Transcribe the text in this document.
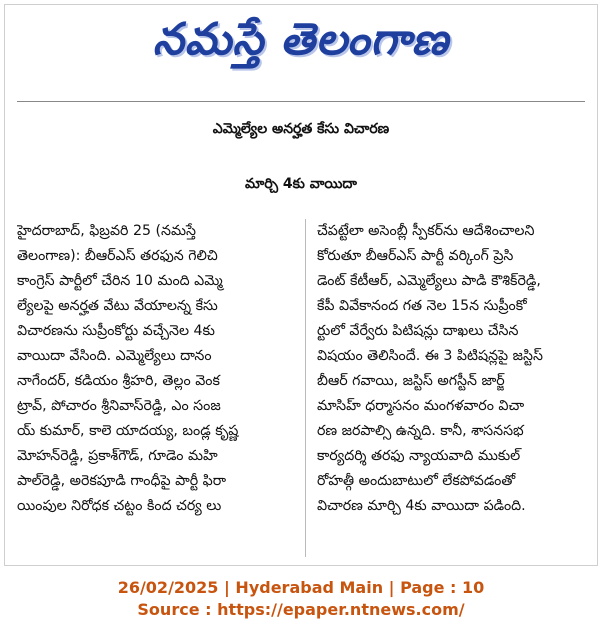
నమస్తే తెలంగాణ
ఎమ్మెల్యేల అనర్హత కేసు విచారణ
మార్చి 4కు వాయిదా
హైదరాబాద్, ఫిబ్రవరి 25 (నమస్తే
తెలంగాణ): బీఆర్ఎస్ తరఫున గెలిచి
కాంగ్రెస్ పార్టీలో చేరిన 10 మంది ఎమ్మె
ల్యేలపై అనర్హత వేటు వేయాలన్న కేసు
విచారణను సుప్రీంకోర్టు వచ్చేనెల 4కు
వాయిదా వేసింది. ఎమ్మెల్యేలు దానం
నాగేందర్, కడియం శ్రీహరి, తెల్లం వెంక
ట్రావ్, పోచారం శ్రీనివాస్‌రెడ్డి, ఎం సంజ
య్ కుమార్, కాలె యాదయ్య, బండ్ల కృష్ణ
మోహన్‌రెడ్డి, ప్రకాశ్‌గౌడ్, గూడెం మహి
పాల్‌రెడ్డి, అరెకపూడి గాంధీపై పార్టీ ఫిరా
యింపుల నిరోధక చట్టం కింద చర్య లు
చేపట్టేలా అసెంబ్లీ స్పీకర్‌ను ఆదేశించాలని
కోరుతూ బీఆర్ఎస్ పార్టీ వర్కింగ్ ప్రెసి
డెంట్ కేటీఆర్, ఎమ్మెల్యేలు పాడి కౌశిక్‌రెడ్డి,
కేపీ వివేకానంద గత నెల 15న సుప్రీంకో
ర్టులో వేర్వేరు పిటిషన్లు దాఖలు చేసిన
విషయం తెలిసిందే. ఈ 3 పిటిషన్లపై జస్టిస్
బీఆర్ గవాయి, జస్టిస్ అగస్టీన్ జార్జ్
మాసిహ్ ధర్మాసనం మంగళవారం విచా
రణ జరపాల్సి ఉన్నది. కానీ, శాసనసభ
కార్యదర్శి తరఫు న్యాయవాది ముకుల్
రోహత్గీ అందుబాటులో లేకపోవడంతో
విచారణ మార్చి 4కు వాయిదా పడింది.
26/02/2025 | Hyderabad Main | Page : 10
Source : https://epaper.ntnews.com/
